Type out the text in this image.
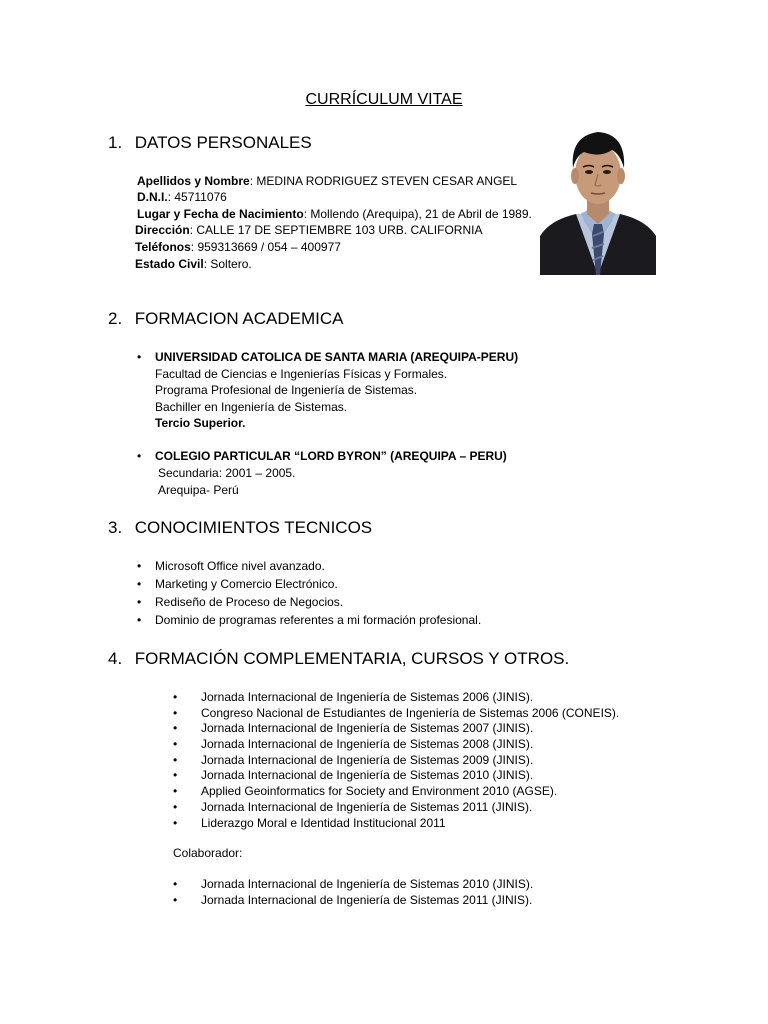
CURRÍCULUM VITAE
1. DATOS PERSONALES
Apellidos y Nombre: MEDINA RODRIGUEZ STEVEN CESAR ANGEL
D.N.I.: 45711076
Lugar y Fecha de Nacimiento: Mollendo (Arequipa), 21 de Abril de 1989.
Dirección: CALLE 17 DE SEPTIEMBRE 103 URB. CALIFORNIA
Teléfonos: 959313669 / 054 – 400977
Estado Civil: Soltero.
2. FORMACION ACADEMICA
• UNIVERSIDAD CATOLICA DE SANTA MARIA (AREQUIPA-PERU)
Facultad de Ciencias e Ingenierías Físicas y Formales.
Programa Profesional de Ingeniería de Sistemas.
Bachiller en Ingeniería de Sistemas.
Tercio Superior.
• COLEGIO PARTICULAR “LORD BYRON” (AREQUIPA – PERU)
Secundaria: 2001 – 2005.
Arequipa- Perú
3. CONOCIMIENTOS TECNICOS
• Microsoft Office nivel avanzado.
• Marketing y Comercio Electrónico.
• Rediseño de Proceso de Negocios.
• Dominio de programas referentes a mi formación profesional.
4. FORMACIÓN COMPLEMENTARIA, CURSOS Y OTROS.
• Jornada Internacional de Ingeniería de Sistemas 2006 (JINIS).
• Congreso Nacional de Estudiantes de Ingeniería de Sistemas 2006 (CONEIS).
• Jornada Internacional de Ingeniería de Sistemas 2007 (JINIS).
• Jornada Internacional de Ingeniería de Sistemas 2008 (JINIS).
• Jornada Internacional de Ingeniería de Sistemas 2009 (JINIS).
• Jornada Internacional de Ingeniería de Sistemas 2010 (JINIS).
• Applied Geoinformatics for Society and Environment 2010 (AGSE).
• Jornada Internacional de Ingeniería de Sistemas 2011 (JINIS).
• Liderazgo Moral e Identidad Institucional 2011
Colaborador:
• Jornada Internacional de Ingeniería de Sistemas 2010 (JINIS).
• Jornada Internacional de Ingeniería de Sistemas 2011 (JINIS).
